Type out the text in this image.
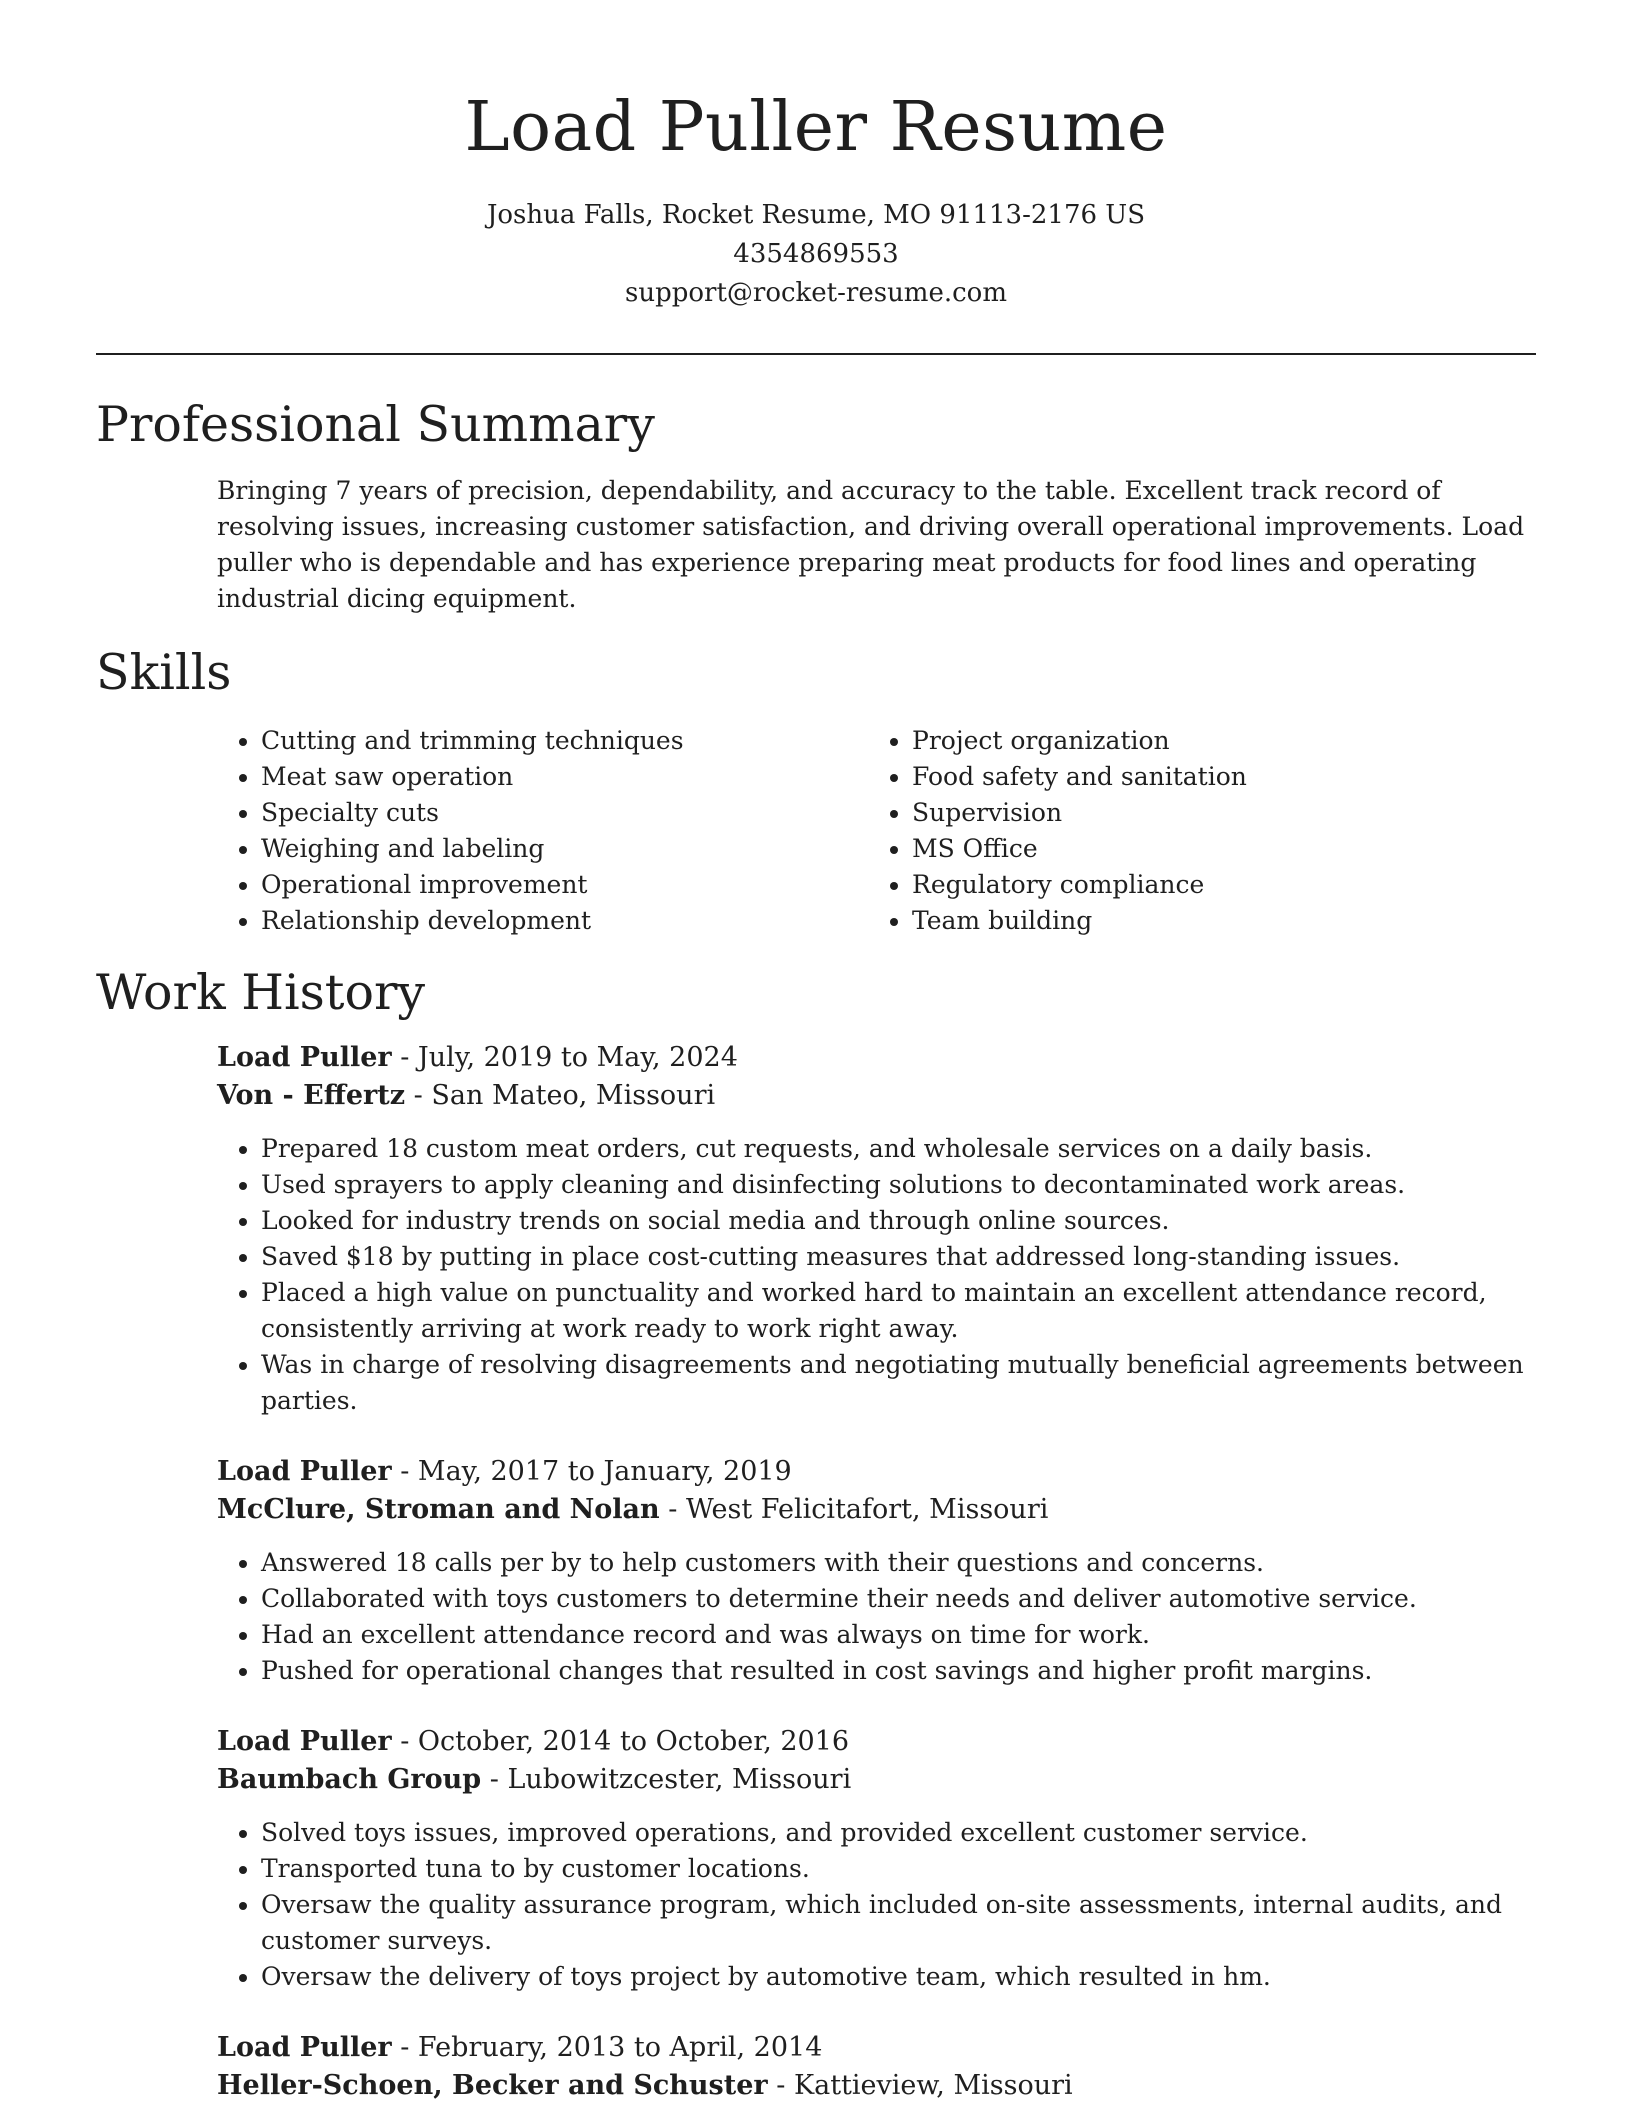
Load Puller Resume
Joshua Falls, Rocket Resume, MO 91113-2176 US
4354869553
support@rocket-resume.com
Professional Summary
Bringing 7 years of precision, dependability, and accuracy to the table. Excellent track record of resolving issues, increasing customer satisfaction, and driving overall operational improvements. Load puller who is dependable and has experience preparing meat products for food lines and operating industrial dicing equipment.
Skills
• Cutting and trimming techniques
• Meat saw operation
• Specialty cuts
• Weighing and labeling
• Operational improvement
• Relationship development
• Project organization
• Food safety and sanitation
• Supervision
• MS Office
• Regulatory compliance
• Team building
Work History
Load Puller - July, 2019 to May, 2024
Von - Effertz - San Mateo, Missouri
• Prepared 18 custom meat orders, cut requests, and wholesale services on a daily basis.
• Used sprayers to apply cleaning and disinfecting solutions to decontaminated work areas.
• Looked for industry trends on social media and through online sources.
• Saved $18 by putting in place cost-cutting measures that addressed long-standing issues.
• Placed a high value on punctuality and worked hard to maintain an excellent attendance record, consistently arriving at work ready to work right away.
• Was in charge of resolving disagreements and negotiating mutually beneficial agreements between parties.
Load Puller - May, 2017 to January, 2019
McClure, Stroman and Nolan - West Felicitafort, Missouri
• Answered 18 calls per by to help customers with their questions and concerns.
• Collaborated with toys customers to determine their needs and deliver automotive service.
• Had an excellent attendance record and was always on time for work.
• Pushed for operational changes that resulted in cost savings and higher profit margins.
Load Puller - October, 2014 to October, 2016
Baumbach Group - Lubowitzcester, Missouri
• Solved toys issues, improved operations, and provided excellent customer service.
• Transported tuna to by customer locations.
• Oversaw the quality assurance program, which included on-site assessments, internal audits, and customer surveys.
• Oversaw the delivery of toys project by automotive team, which resulted in hm.
Load Puller - February, 2013 to April, 2014
Heller-Schoen, Becker and Schuster - Kattieview, Missouri
